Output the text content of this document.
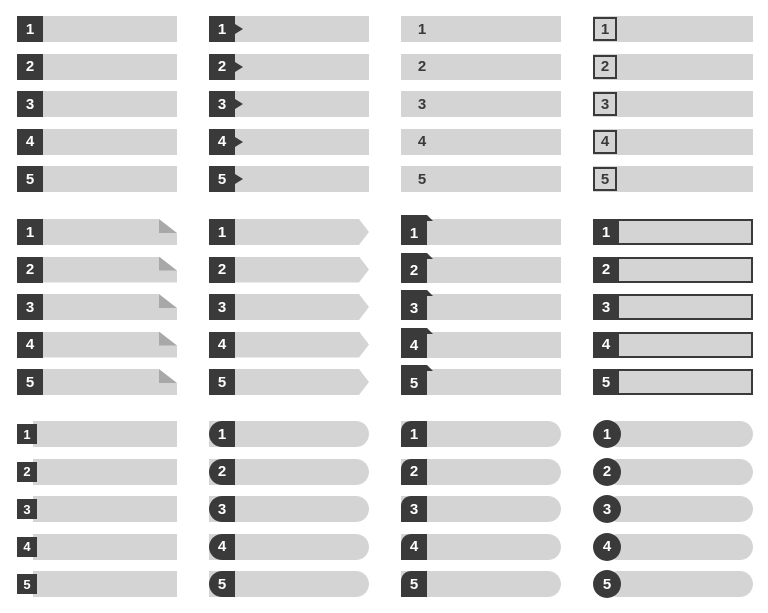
1
2
3
4
5
1
2
3
4
5
1
2
3
4
5
1
2
3
4
5
1
2
3
4
5
1
2
3
4
5
1
2
3
4
5
1
2
3
4
5
1
2
3
4
5
1
2
3
4
5
1
2
3
4
5
1
2
3
4
5
